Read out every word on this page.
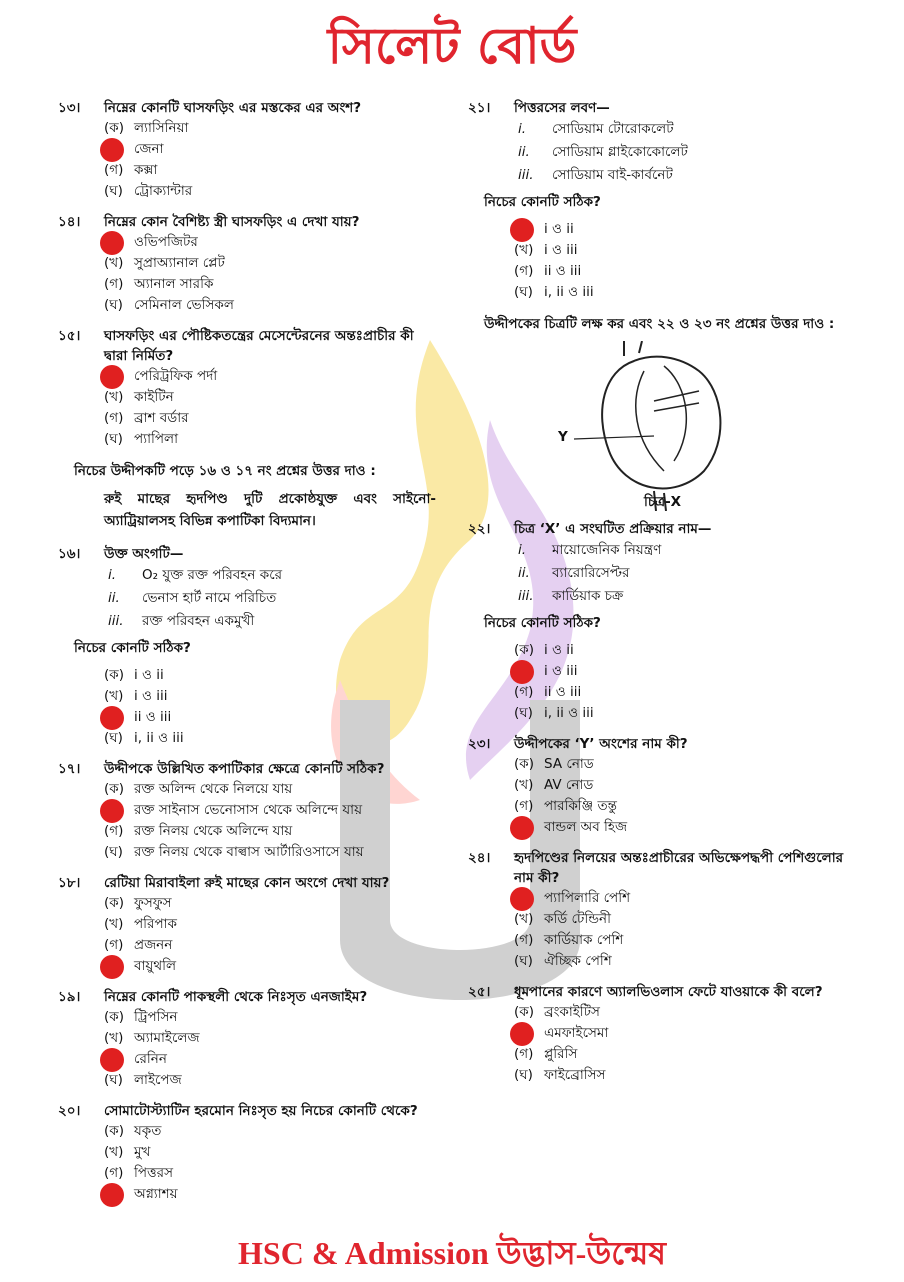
সিলেট বোর্ড
১৩।	নিম্নের কোনটি ঘাসফড়িং এর মস্তকের এর অংশ?
(ক) ল্যাসিনিয়া
জেনা
(গ) কক্সা
(ঘ) ট্রোক্যান্টার
১৪।	নিম্নের কোন বৈশিষ্ট্য স্ত্রী ঘাসফড়িং এ দেখা যায়?
ওভিপজিটর
(খ) সুপ্রাঅ্যানাল প্লেট
(গ) অ্যানাল সারকি
(ঘ) সেমিনাল ভেসিকল
১৫।	ঘাসফড়িং এর পৌষ্টিকতন্ত্রের মেসেন্টেরনের অন্তঃপ্রাচীর কী দ্বারা নির্মিত?
পেরিট্রফিক পর্দা
(খ) কাইটিন
(গ) ব্রাশ বর্ডার
(ঘ) প্যাপিলা
নিচের উদ্দীপকটি পড়ে ১৬ ও ১৭ নং প্রশ্নের উত্তর দাও :
রুই মাছের হৃদপিণ্ড দুটি প্রকোষ্ঠযুক্ত এবং সাইনো-অ্যাট্রিয়ালসহ বিভিন্ন কপাটিকা বিদ্যমান।
১৬।	উক্ত অংগটি—
i.	O₂ যুক্ত রক্ত পরিবহন করে
ii.	ভেনাস হার্ট নামে পরিচিত
iii.	রক্ত পরিবহন একমুখী
নিচের কোনটি সঠিক?
(ক) i ও ii
(খ) i ও iii
ii ও iii
(ঘ) i, ii ও iii
১৭।	উদ্দীপকে উল্লিখিত কপাটিকার ক্ষেত্রে কোনটি সঠিক?
(ক) রক্ত অলিন্দ থেকে নিলয়ে যায়
রক্ত সাইনাস ভেনোসাস থেকে অলিন্দে যায়
(গ) রক্ত নিলয় থেকে অলিন্দে যায়
(ঘ) রক্ত নিলয় থেকে বাল্বাস আর্টারিওসাসে যায়
১৮।	রেটিয়া মিরাবাইলা রুই মাছের কোন অংগে দেখা যায়?
(ক) ফুসফুস
(খ) পরিপাক
(গ) প্রজনন
বায়ুথলি
১৯।	নিম্নের কোনটি পাকস্থলী থেকে নিঃসৃত এনজাইম?
(ক) ট্রিপসিন
(খ) অ্যামাইলেজ
রেনিন
(ঘ) লাইপেজ
২০।	সোমাটোস্ট্যাটিন হরমোন নিঃসৃত হয় নিচের কোনটি থেকে?
(ক) যকৃত
(খ) মুখ
(গ) পিত্তরস
অগ্ন্যাশয়
২১।	পিত্তরসের লবণ—
i.	সোডিয়াম টোরোকলেট
ii.	সোডিয়াম গ্লাইকোকোলেট
iii.	সোডিয়াম বাই-কার্বনেট
নিচের কোনটি সঠিক?
i ও ii
(খ) i ও iii
(গ) ii ও iii
(ঘ) i, ii ও iii
উদ্দীপকের চিত্রটি লক্ষ কর এবং ২২ ও ২৩ নং প্রশ্নের উত্তর দাও :
Y
চিত্র-X
২২।	চিত্র ‘X’ এ সংঘটিত প্রক্রিয়ার নাম—
i.	মায়োজেনিক নিয়ন্ত্রণ
ii.	ব্যারোরিসেপ্টর
iii.	কার্ডিয়াক চক্র
নিচের কোনটি সঠিক?
(ক) i ও ii
i ও iii
(গ) ii ও iii
(ঘ) i, ii ও iii
২৩।	উদ্দীপকের ‘Y’ অংশের নাম কী?
(ক) SA নোড
(খ) AV নোড
(গ) পারকিঞ্জি তন্তু
বান্ডল অব হিজ
২৪।	হৃদপিণ্ডের নিলয়ের অন্তঃপ্রাচীরের অভিক্ষেপদ্ধপী পেশিগুলোর নাম কী?
প্যাপিলারি পেশি
(খ) কর্ডি টেন্ডিনী
(গ) কার্ডিয়াক পেশি
(ঘ) ঐচ্ছিক পেশি
২৫।	ধূমপানের কারণে অ্যালভিওলাস ফেটে যাওয়াকে কী বলে?
(ক) ব্রংকাইটিস
এমফাইসেমা
(গ) প্লুরিসি
(ঘ) ফাইব্রোসিস
HSC & Admission উদ্ভাস-উন্মেষ
